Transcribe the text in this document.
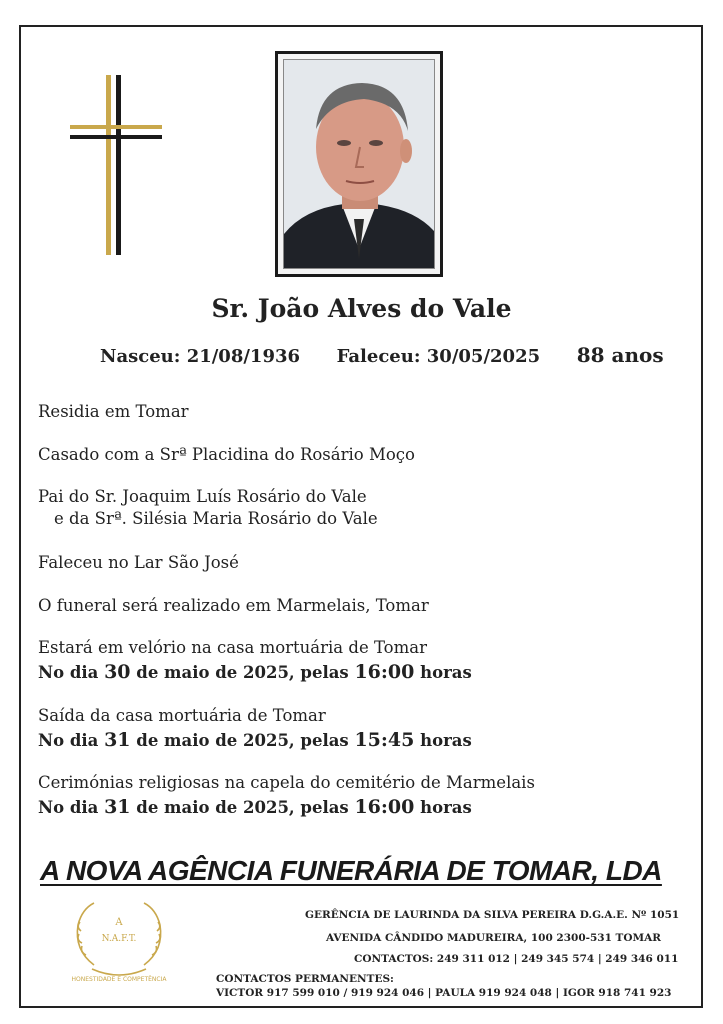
Sr. João Alves do Vale
Nasceu: 21/08/1936 Faleceu: 30/05/2025 88 anos
Residia em Tomar
Casado com a Srª Placidina do Rosário Moço
Pai do Sr. Joaquim Luís Rosário do Vale
e da Srª. Silésia Maria Rosário do Vale
Faleceu no Lar São José
O funeral será realizado em Marmelais, Tomar
Estará em velório na casa mortuária de Tomar
No dia 30 de maio de 2025, pelas 16:00 horas
Saída da casa mortuária de Tomar
No dia 31 de maio de 2025, pelas 15:45 horas
Cerimónias religiosas na capela do cemitério de Marmelais
No dia 31 de maio de 2025, pelas 16:00 horas
A NOVA AGÊNCIA FUNERÁRIA DE TOMAR, LDA
A
N.A.F.T.
HONESTIDADE E COMPETÊNCIA
GERÊNCIA DE LAURINDA DA SILVA PEREIRA D.G.A.E. Nº 1051
AVENIDA CÂNDIDO MADUREIRA, 100 2300-531 TOMAR
CONTACTOS: 249 311 012 | 249 345 574 | 249 346 011
CONTACTOS PERMANENTES:
VICTOR 917 599 010 / 919 924 046 | PAULA 919 924 048 | IGOR 918 741 923
